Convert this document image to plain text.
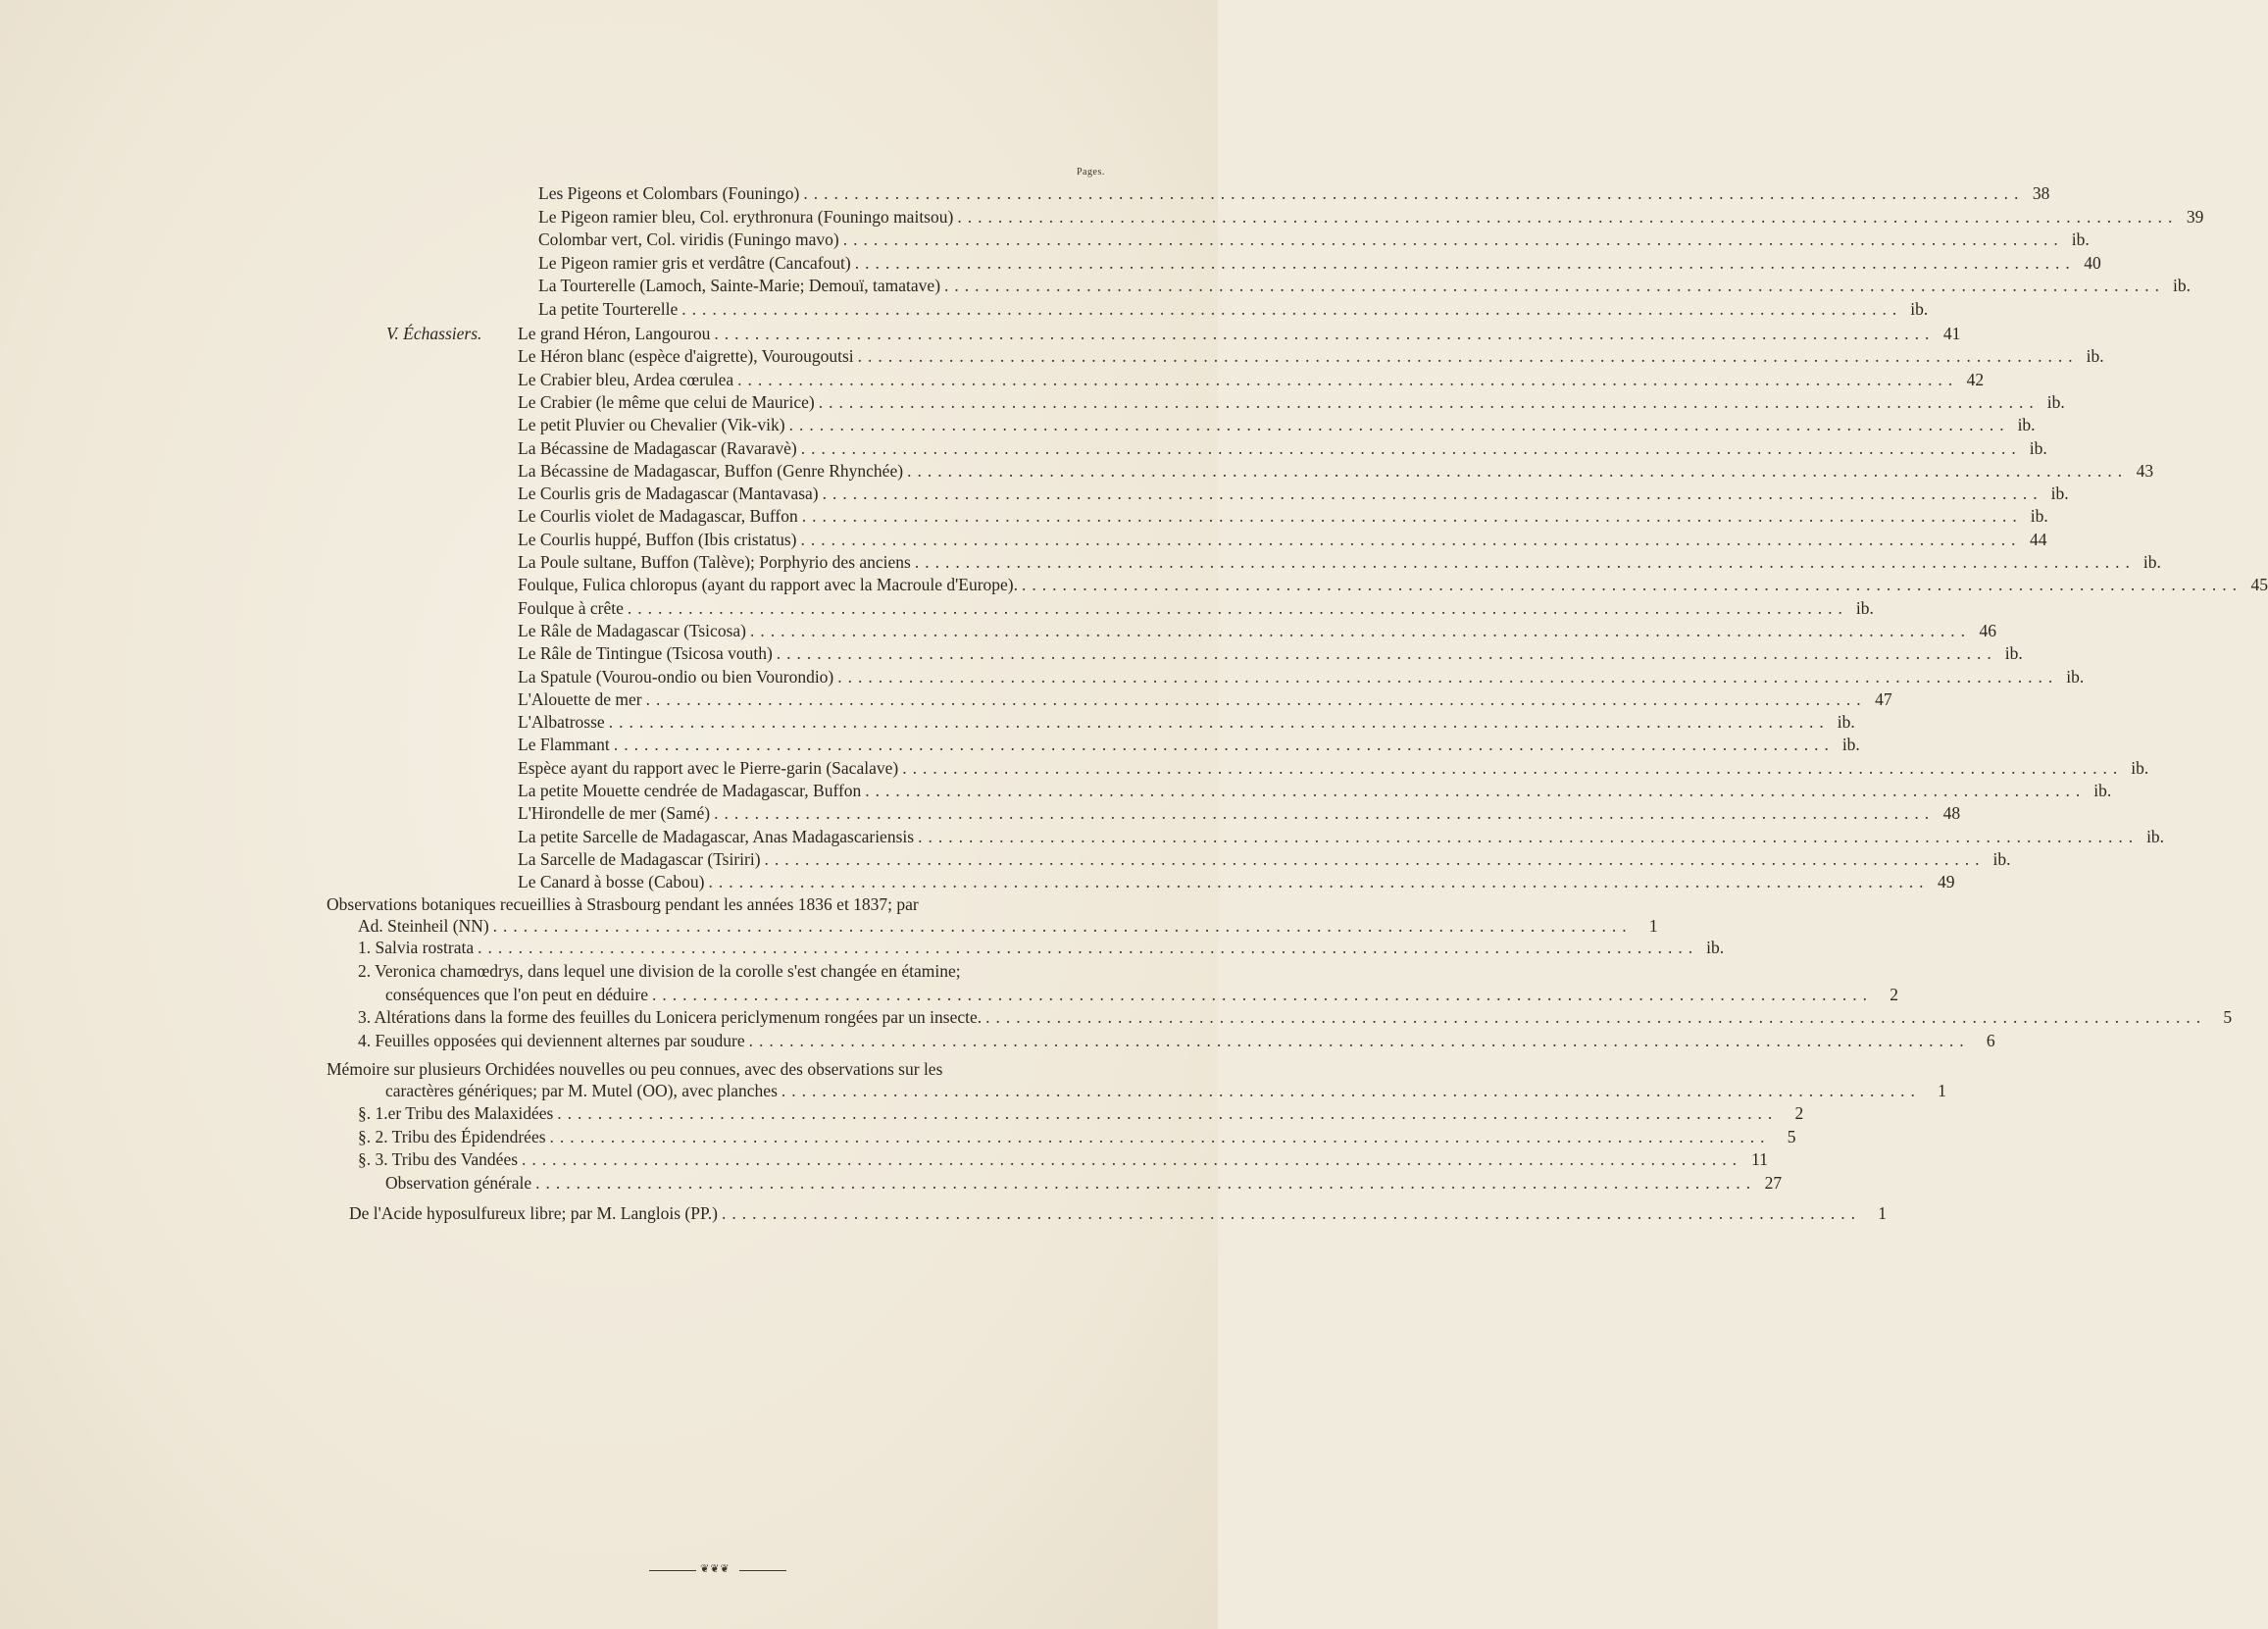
Pages.
V. Échassiers.
Les Pigeons et Colombars (Founingo) ........................................................................................................................ 38
Le Pigeon ramier bleu, Col. erythronura (Founingo maitsou) ........................................................................................................................ 39
Colombar vert, Col. viridis (Funingo mavo) ........................................................................................................................ ib.
Le Pigeon ramier gris et verdâtre (Cancafout) ........................................................................................................................ 40
La Tourterelle (Lamoch, Sainte-Marie; Demouï, tamatave) ........................................................................................................................ ib.
La petite Tourterelle ........................................................................................................................ ib.
Le grand Héron, Langourou ........................................................................................................................ 41
Le Héron blanc (espèce d'aigrette), Vourougoutsi ........................................................................................................................ ib.
Le Crabier bleu, Ardea cœrulea ........................................................................................................................ 42
Le Crabier (le même que celui de Maurice) ........................................................................................................................ ib.
Le petit Pluvier ou Chevalier (Vik-vik) ........................................................................................................................ ib.
La Bécassine de Madagascar (Ravaravè) ........................................................................................................................ ib.
La Bécassine de Madagascar, Buffon (Genre Rhynchée) ........................................................................................................................ 43
Le Courlis gris de Madagascar (Mantavasa) ........................................................................................................................ ib.
Le Courlis violet de Madagascar, Buffon ........................................................................................................................ ib.
Le Courlis huppé, Buffon (Ibis cristatus) ........................................................................................................................ 44
La Poule sultane, Buffon (Talève); Porphyrio des anciens ........................................................................................................................ ib.
Foulque, Fulica chloropus (ayant du rapport avec la Macroule d'Europe). ........................................................................................................................ 45
Foulque à crête ........................................................................................................................ ib.
Le Râle de Madagascar (Tsicosa) ........................................................................................................................ 46
Le Râle de Tintingue (Tsicosa vouth) ........................................................................................................................ ib.
La Spatule (Vourou-ondio ou bien Vourondio) ........................................................................................................................ ib.
L'Alouette de mer ........................................................................................................................ 47
L'Albatrosse ........................................................................................................................ ib.
Le Flammant ........................................................................................................................ ib.
Espèce ayant du rapport avec le Pierre-garin (Sacalave) ........................................................................................................................ ib.
La petite Mouette cendrée de Madagascar, Buffon ........................................................................................................................ ib.
L'Hirondelle de mer (Samé) ........................................................................................................................ 48
La petite Sarcelle de Madagascar, Anas Madagascariensis ........................................................................................................................ ib.
La Sarcelle de Madagascar (Tsiriri) ........................................................................................................................ ib.
Le Canard à bosse (Cabou) ........................................................................................................................ 49
Observations botaniques recueillies à Strasbourg pendant les années 1836 et 1837; par
Ad. Steinheil (NN) ................................................................................................................ 1
1. Salvia rostrata ........................................................................................................................ ib.
2. Veronica chamœdrys, dans lequel une division de la corolle s'est changée en étamine;
conséquences que l'on peut en déduire ........................................................................................................................ 2
3. Altérations dans la forme des feuilles du Lonicera periclymenum rongées par un insecte. ........................................................................................................................ 5
4. Feuilles opposées qui deviennent alternes par soudure ........................................................................................................................ 6
Mémoire sur plusieurs Orchidées nouvelles ou peu connues, avec des observations sur les
caractères génériques; par M. Mutel (OO), avec planches ................................................................................................................ 1
§. 1.er Tribu des Malaxidées ........................................................................................................................ 2
§. 2. Tribu des Épidendrées ........................................................................................................................ 5
§. 3. Tribu des Vandées ........................................................................................................................ 11
Observation générale ........................................................................................................................ 27
De l'Acide hyposulfureux libre; par M. Langlois (PP.) ................................................................................................................ 1
❦❦❦
